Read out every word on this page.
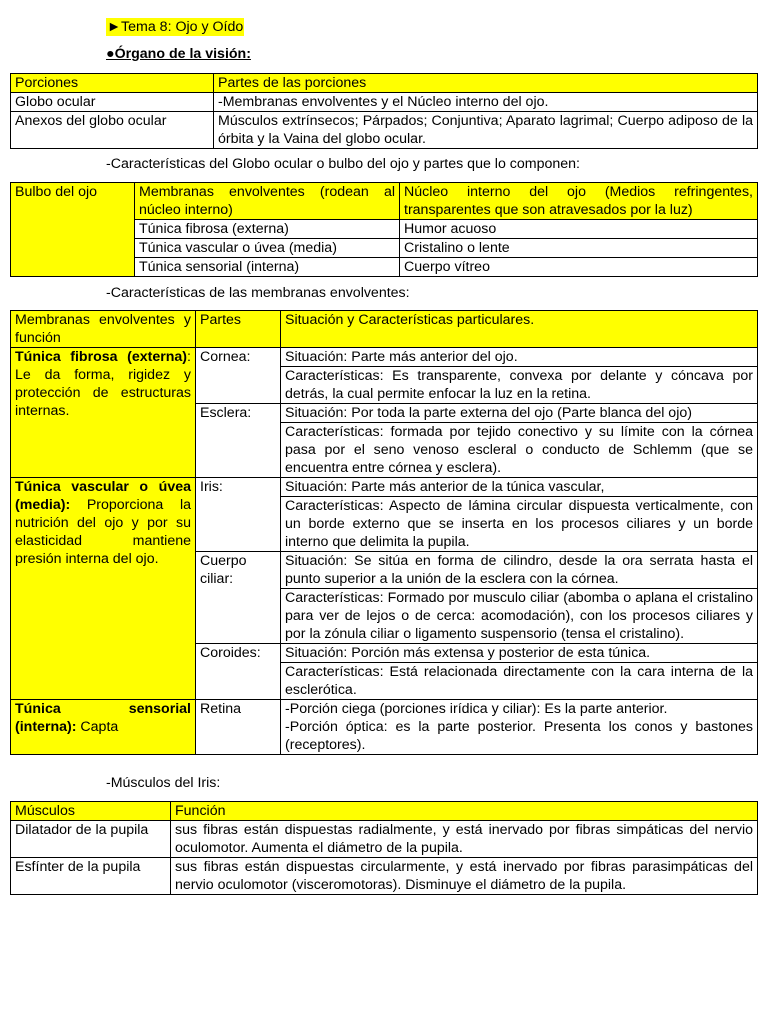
►Tema 8: Ojo y Oído
●Órgano de la visión:
Porciones	Partes de las porciones
Globo ocular	-Membranas envolventes y el Núcleo interno del ojo.
Anexos del globo ocular	Músculos extrínsecos; Párpados; Conjuntiva; Aparato lagrimal; Cuerpo adiposo de la órbita y la Vaina del globo ocular.
-Características del Globo ocular o bulbo del ojo y partes que lo componen:
Bulbo del ojo	Membranas envolventes (rodean al núcleo interno)	Núcleo interno del ojo (Medios refringentes, transparentes que son atravesados por la luz)
	Túnica fibrosa (externa)	Humor acuoso
	Túnica vascular o úvea (media)	Cristalino o lente
	Túnica sensorial (interna)	Cuerpo vítreo
-Características de las membranas envolventes:
Membranas envolventes y función	Partes	Situación y Características particulares.
Túnica fibrosa (externa): Le da forma, rigidez y protección de estructuras internas.	Cornea:	Situación: Parte más anterior del ojo.
		Características: Es transparente, convexa por delante y cóncava por detrás, la cual permite enfocar la luz en la retina.
	Esclera:	Situación: Por toda la parte externa del ojo (Parte blanca del ojo)
		Características: formada por tejido conectivo y su límite con la córnea pasa por el seno venoso escleral o conducto de Schlemm (que se encuentra entre córnea y esclera).
Túnica vascular o úvea (media): Proporciona la nutrición del ojo y por su elasticidad mantiene presión interna del ojo.	Iris:	Situación: Parte más anterior de la túnica vascular,
		Características: Aspecto de lámina circular dispuesta verticalmente, con un borde externo que se inserta en los procesos ciliares y un borde interno que delimita la pupila.
	Cuerpo ciliar:	Situación: Se sitúa en forma de cilindro, desde la ora serrata hasta el punto superior a la unión de la esclera con la córnea.
		Características: Formado por musculo ciliar (abomba o aplana el cristalino para ver de lejos o de cerca: acomodación), con los procesos ciliares y por la zónula ciliar o ligamento suspensorio (tensa el cristalino).
	Coroides:	Situación: Porción más extensa y posterior de esta túnica.
		Características: Está relacionada directamente con la cara interna de la esclerótica.
Túnica sensorial (interna): Capta	Retina	-Porción ciega (porciones irídica y ciliar): Es la parte anterior.
-Porción óptica: es la parte posterior. Presenta los conos y bastones (receptores).
-Músculos del Iris:
Músculos	Función
Dilatador de la pupila	sus fibras están dispuestas radialmente, y está inervado por fibras simpáticas del nervio oculomotor. Aumenta el diámetro de la pupila.
Esfínter de la pupila	sus fibras están dispuestas circularmente, y está inervado por fibras parasimpáticas del nervio oculomotor (visceromotoras). Disminuye el diámetro de la pupila.
